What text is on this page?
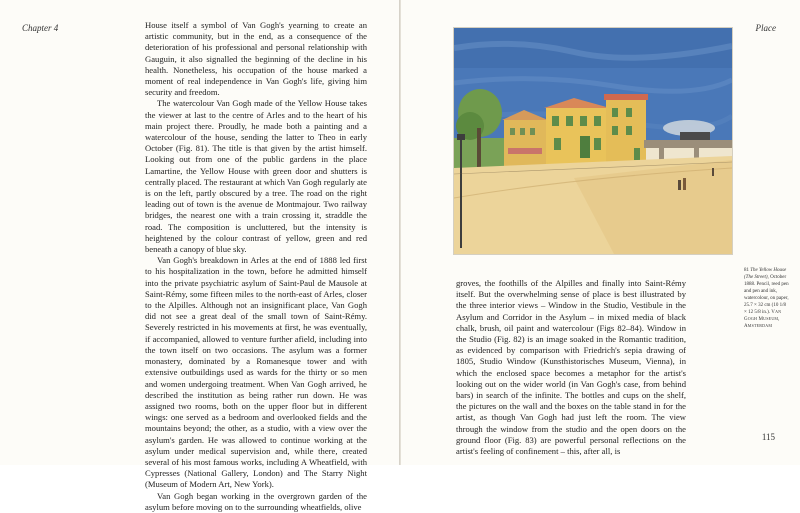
Chapter 4	House itself a symbol of Van Gogh's yearning to create an artistic community, but in the end, as a consequence of the deterioration of his professional and personal relationship with Gauguin, it also signalled the beginning of the decline in his health. Nonetheless, his occupation of the house marked a moment of real independence in Van Gogh's life, giving him security and freedom.

The watercolour Van Gogh made of the Yellow House takes the viewer at last to the centre of Arles and to the heart of his main project there. Proudly, he made both a painting and a watercolour of the house, sending the latter to Theo in early October (Fig. 81). The title is that given by the artist himself. Looking out from one of the public gardens in the place Lamartine, the Yellow House with green door and shutters is centrally placed. The restaurant at which Van Gogh regularly ate is on the left, partly obscured by a tree. The road on the right leading out of town is the avenue de Montmajour. Two railway bridges, the nearest one with a train crossing it, straddle the road. The composition is uncluttered, but the intensity is heightened by the colour contrast of yellow, green and red beneath a canopy of blue sky.

Van Gogh's breakdown in Arles at the end of 1888 led first to his hospitalization in the town, before he admitted himself into the private psychiatric asylum of Saint-Paul de Mausole at Saint-Rémy, some fifteen miles to the north-east of Arles, closer to the Alpilles. Although not an insignificant place, Van Gogh did not see a great deal of the small town of Saint-Rémy. Severely restricted in his movements at first, he was eventually, if accompanied, allowed to venture further afield, including into the town itself on two occasions. The asylum was a former monastery, dominated by a Romanesque tower and with extensive outbuildings used as wards for the thirty or so men and women undergoing treatment. When Van Gogh arrived, he described the institution as being rather run down. He was assigned two rooms, both on the upper floor but in different wings: one served as a bedroom and overlooked fields and the mountains beyond; the other, as a studio, with a view over the asylum's garden. He was allowed to continue working at the asylum under medical supervision and, while there, created several of his most famous works, including A Wheatfield, with Cypresses (National Gallery, London) and The Starry Night (Museum of Modern Art, New York).

Van Gogh began working in the overgrown garden of the asylum before moving on to the surrounding wheatfields, olive

Place

groves, the foothills of the Alpilles and finally into Saint-Rémy itself. But the overwhelming sense of place is best illustrated by the three interior views – Window in the Studio, Vestibule in the Asylum and Corridor in the Asylum – in mixed media of black chalk, brush, oil paint and watercolour (Figs 82–84). Window in the Studio (Fig. 82) is an image soaked in the Romantic tradition, as evidenced by comparison with Friedrich's sepia drawing of 1805, Studio Window (Kunsthistorisches Museum, Vienna), in which the enclosed space becomes a metaphor for the artist's looking out on the wider world (in Van Gogh's case, from behind bars) in search of the infinite. The bottles and cups on the shelf, the pictures on the wall and the boxes on the table stand in for the artist, as though Van Gogh had just left the room. The view through the window from the studio and the open doors on the ground floor (Fig. 83) are powerful personal reflections on the artist's feeling of confinement – this, after all, is

115
81 The Yellow House (The Street), October 1888. Pencil, reed pen and pen and ink, watercolour, on paper, 25.7 × 32 cm (10 1/8 × 12 5/8 in.). Van Gogh Museum, Amsterdam
